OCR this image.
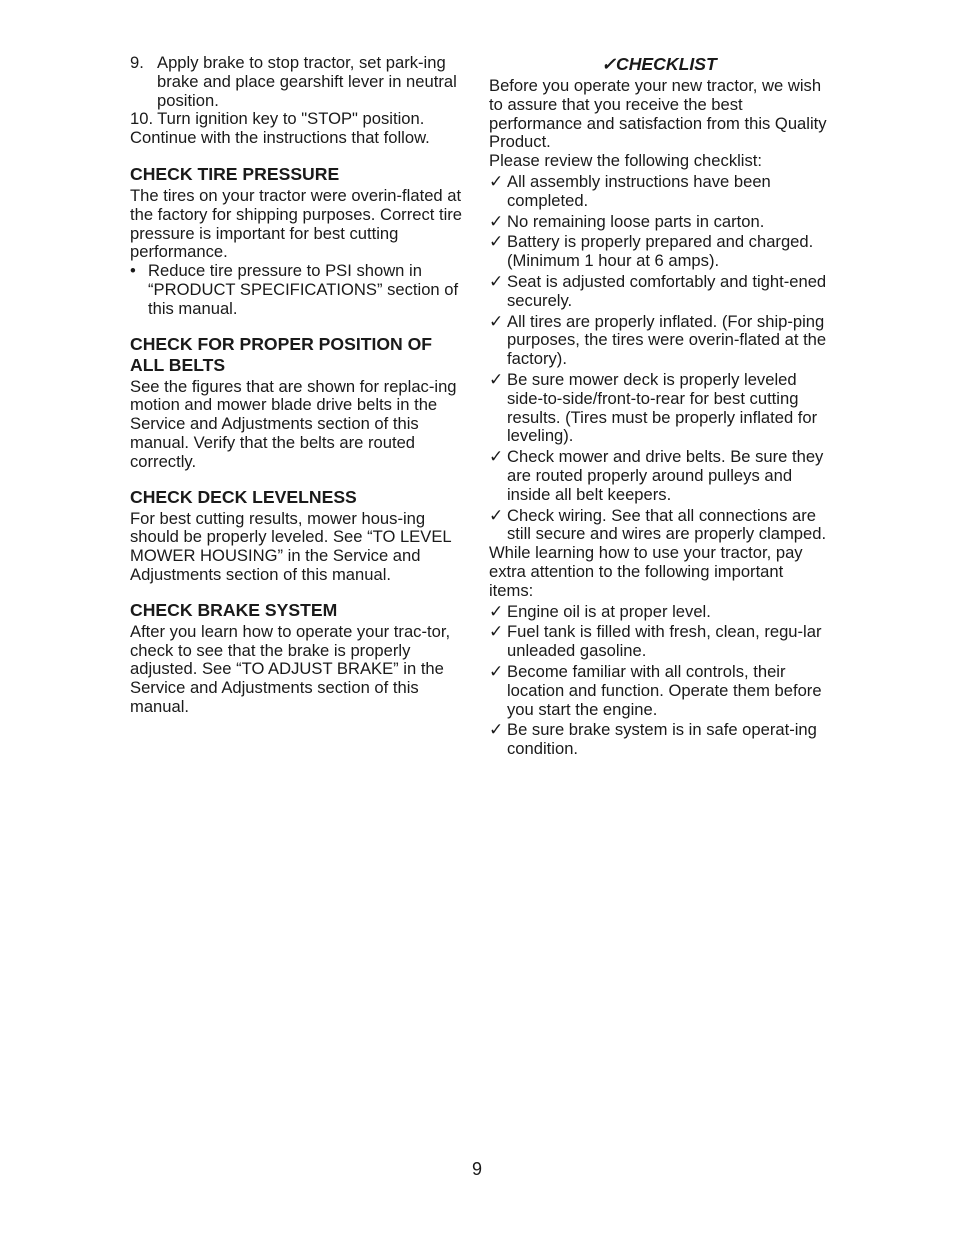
9. Apply brake to stop tractor, set park-ing brake and place gearshift lever in neutral position.

10. Turn ignition key to "STOP" position. Continue with the instructions that follow.

CHECK TIRE PRESSURE

The tires on your tractor were overin-flated at the factory for shipping purposes. Correct tire pressure is important for best cutting performance.

• Reduce tire pressure to PSI shown in “PRODUCT SPECIFICATIONS” section of this manual.

CHECK FOR PROPER POSITION OF ALL BELTS

See the figures that are shown for replac-ing motion and mower blade drive belts in the Service and Adjustments section of this manual. Verify that the belts are routed correctly.

CHECK DECK LEVELNESS

For best cutting results, mower hous-ing should be properly leveled. See “TO LEVEL MOWER HOUSING” in the Service and Adjustments section of this manual.

CHECK BRAKE SYSTEM

After you learn how to operate your trac-tor, check to see that the brake is properly adjusted. See “TO ADJUST BRAKE” in the Service and Adjustments section of this manual.

✓CHECKLIST

Before you operate your new tractor, we wish to assure that you receive the best performance and satisfaction from this Quality Product.

Please review the following checklist:

✓ All assembly instructions have been completed.

✓ No remaining loose parts in carton.

✓ Battery is properly prepared and charged. (Minimum 1 hour at 6 amps).

✓ Seat is adjusted comfortably and tight-ened securely.

✓ All tires are properly inflated. (For ship-ping purposes, the tires were overin-flated at the factory).

✓ Be sure mower deck is properly leveled side-to-side/front-to-rear for best cutting results. (Tires must be properly inflated for leveling).

✓ Check mower and drive belts. Be sure they are routed properly around pulleys and inside all belt keepers.

✓ Check wiring. See that all connections are still secure and wires are properly clamped.

While learning how to use your tractor, pay extra attention to the following important items:

✓ Engine oil is at proper level.

✓ Fuel tank is filled with fresh, clean, regu-lar unleaded gasoline.

✓ Become familiar with all controls, their location and function. Operate them before you start the engine.

✓ Be sure brake system is in safe operat-ing condition.

9
